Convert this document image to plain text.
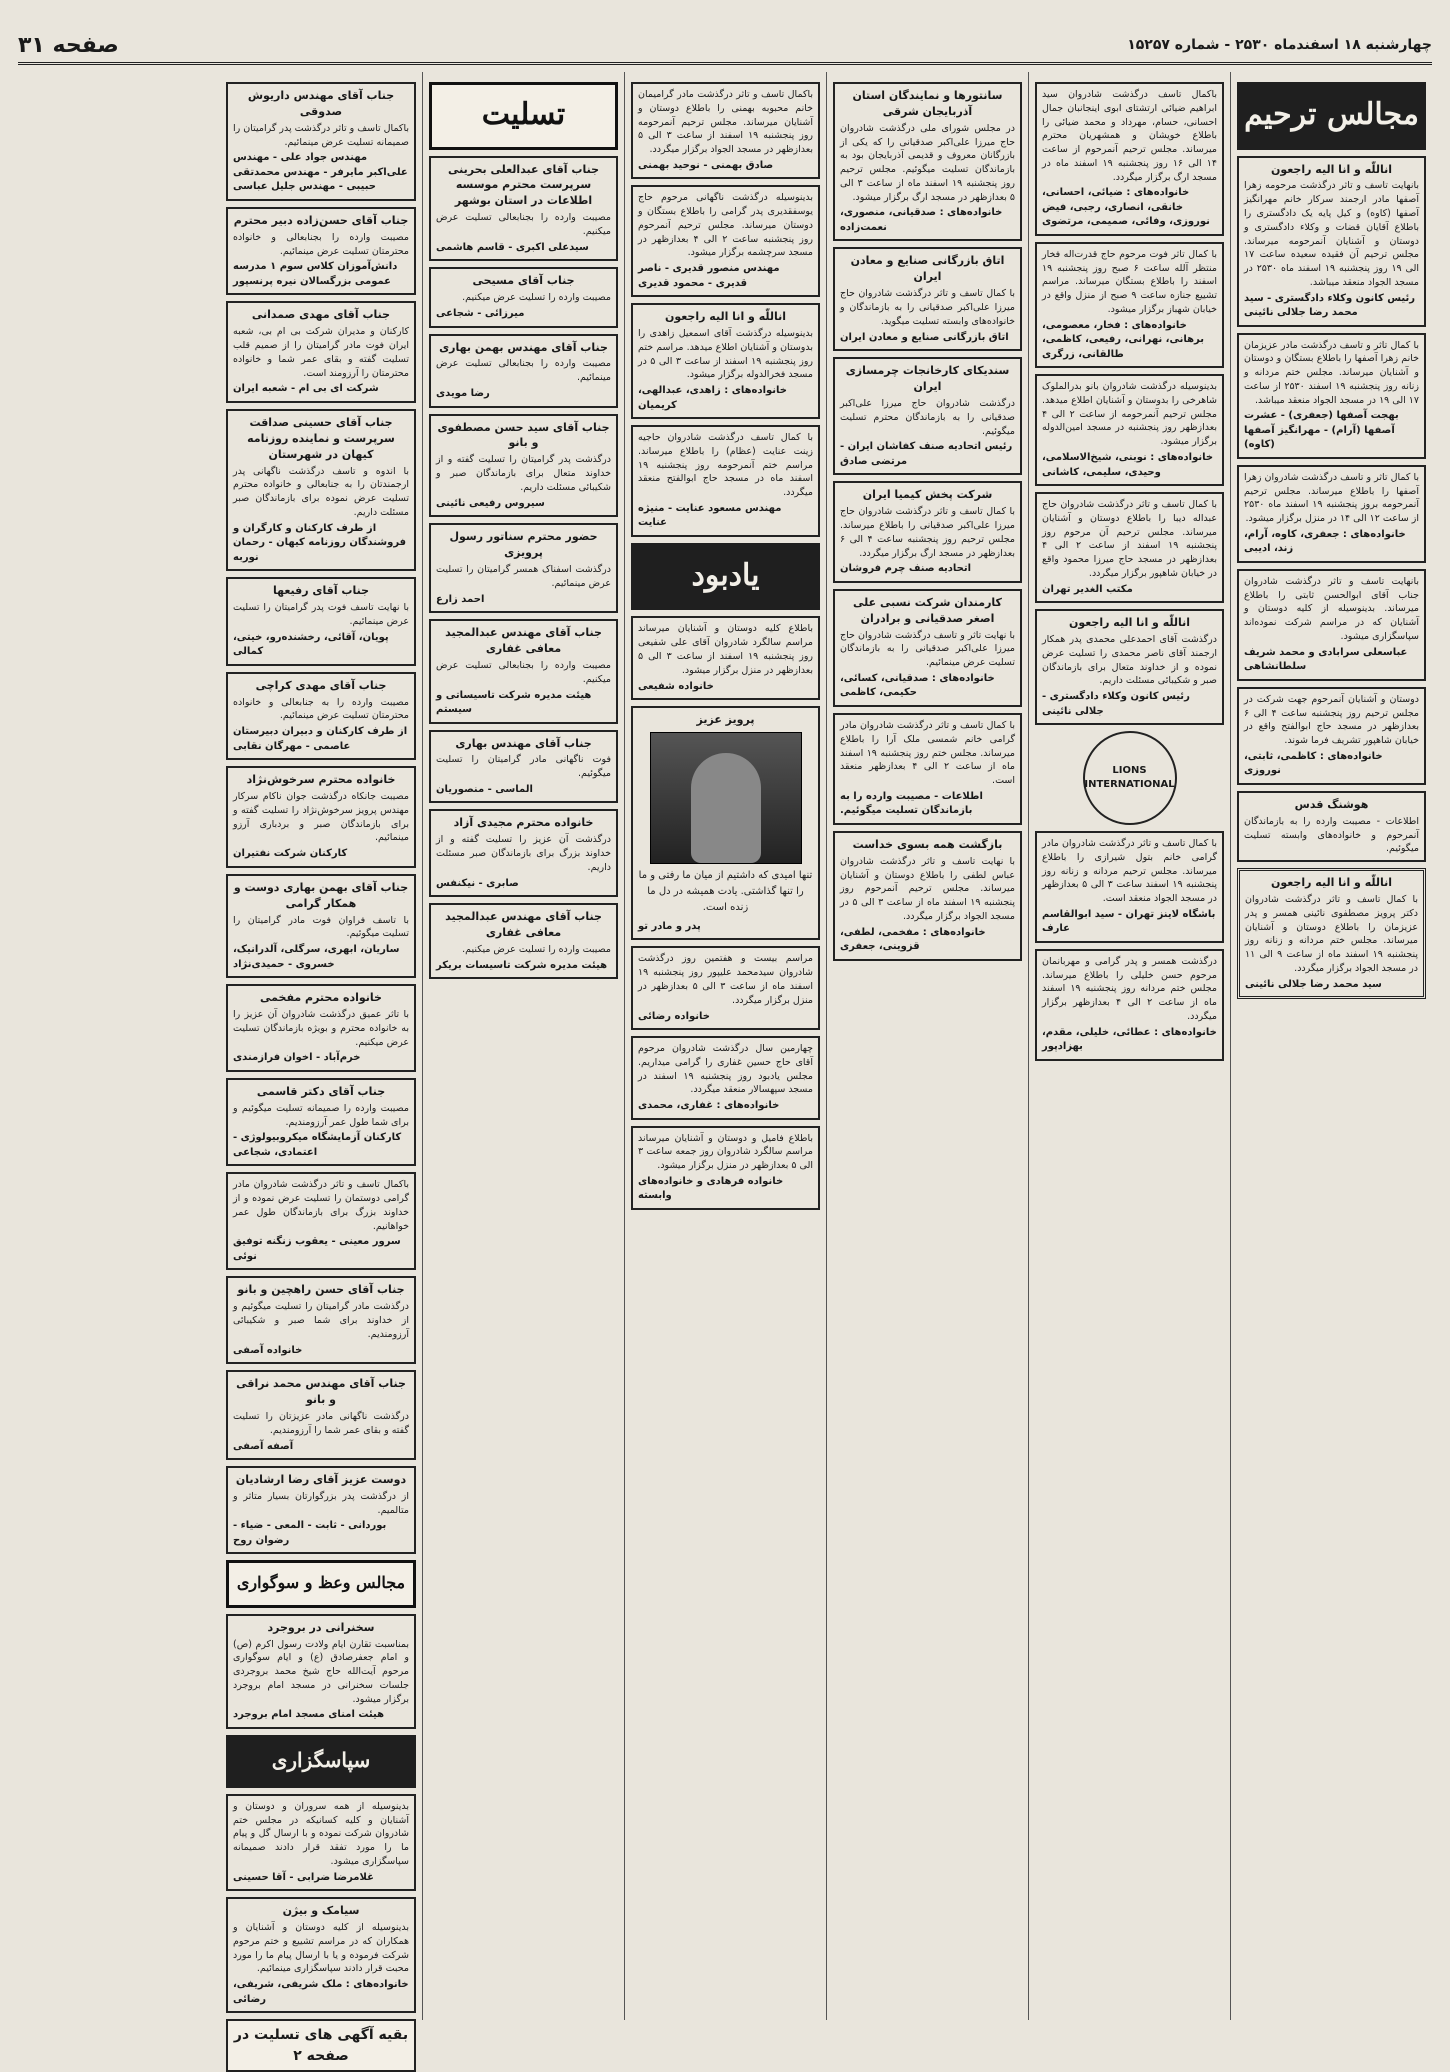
چهارشنبه ۱۸ اسفندماه ۲۵۳۰ - شماره ۱۵۲۵۷
صفحه ۳۱
مجالس ترحیم
اناللّه و انا الیه راجعون

بانهایت تاسف و تاثر درگذشت مرحومه زهرا آصفها مادر ارجمند سرکار خانم مهرانگیز آصفها (کاوه) و کیل پایه یک دادگستری را باطلاع آقایان قضات و وکلاء دادگستری و دوستان و آشنایان آنمرحومه میرساند. مجلس ترحیم آن فقیده سعیده ساعت ۱۷ الی ۱۹ روز پنجشنبه ۱۹ اسفند ماه ۲۵۳۰ در مسجد الجواد منعقد میباشد.

رئیس کانون وکلاء دادگستری - سید محمد رضا جلالی نائینی

با کمال تاثر و تاسف درگذشت مادر عزیزمان خانم زهرا آصفها را باطلاع بستگان و دوستان و آشنایان میرساند. مجلس ختم مردانه و زنانه روز پنجشنبه ۱۹ اسفند ۲۵۳۰ از ساعت ۱۷ الی ۱۹ در مسجد الجواد منعقد میباشد.

بهجت آصفها (جعفری) - عشرت آصفها (آرام) - مهرانگیز آصفها (کاوه)

با کمال تاثر و تاسف درگذشت شادروان زهرا آصفها را باطلاع میرساند. مجلس ترحیم آنمرحومه بروز پنجشنبه ۱۹ اسفند ماه ۲۵۳۰ از ساعت ۱۲ الی ۱۴ در منزل برگزار میشود.

خانواده‌های : جعفری، کاوه، آرام، زند، ادیبی

بانهایت تاسف و تاثر درگذشت شادروان جناب آقای ابوالحسن ثابتی را باطلاع میرساند. بدینوسیله از کلیه دوستان و آشنایان که در مراسم شرکت نموده‌اند سپاسگزاری میشود.

عباسعلی سرابادی و محمد شریف سلطانشاهی

دوستان و آشنایان آنمرحوم جهت شرکت در مجلس ترحیم روز پنجشنبه ساعت ۴ الی ۶ بعدازظهر در مسجد حاج ابوالفتح واقع در خیابان شاهپور تشریف فرما شوند.

خانواده‌های : کاظمی، ثابتی، نوروزی
هوشنگ قدس

اطلاعات - مصیبت وارده را به بازماندگان آنمرحوم و خانواده‌های وابسته تسلیت میگوئیم.

اناللّه و انا الیه راجعون

با کمال تاسف و تاثر درگذشت شادروان دکتر پرویز مصطفوی نائینی همسر و پدر عزیزمان را باطلاع دوستان و آشنایان میرساند. مجلس ختم مردانه و زنانه روز پنجشنبه ۱۹ اسفند ماه از ساعت ۹ الی ۱۱ در مسجد الجواد برگزار میگردد.

سید محمد رضا جلالی نائینی

باکمال تاسف درگذشت شادروان سید ابراهیم ضیائی ارتشتای ابوی اینجانبان جمال احسانی، حسام، مهرداد و محمد ضیائی را باطلاع خویشان و همشهریان محترم میرساند. مجلس ترحیم آنمرحوم از ساعت ۱۴ الی ۱۶ روز پنجشنبه ۱۹ اسفند ماه در مسجد ارگ برگزار میگردد.

خانواده‌های : ضیائی، احسانی، خانقی، انصاری، رجبی، فیض نوروزی، وفائی، صمیمی، مرتضوی

با کمال تاثر فوت مرحوم حاج قدرت‌اله فخار منتظر آلله ساعت ۶ صبح روز پنجشنبه ۱۹ اسفند را باطلاع بستگان میرساند. مراسم تشییع جنازه ساعت ۹ صبح از منزل واقع در خیابان شهباز برگزار میشود.

خانواده‌های : فخار، معصومی، برهانی، نهرانی، رفیعی، کاظمی، طالقانی، زرگری

بدینوسیله درگذشت شادروان بانو بدرالملوک شاهرخی را بدوستان و آشنایان اطلاع میدهد. مجلس ترحیم آنمرحومه از ساعت ۲ الی ۴ بعدازظهر روز پنجشنبه در مسجد امین‌الدوله برگزار میشود.

خانواده‌های : نوبنی، شیخ‌الاسلامی، وحیدی، سلیمی، کاشانی

با کمال تاسف و تاثر درگذشت شادروان حاج عبداله دیبا را باطلاع دوستان و آشنایان میرساند. مجلس ترحیم آن مرحوم روز پنجشنبه ۱۹ اسفند از ساعت ۲ الی ۴ بعدازظهر در مسجد حاج میرزا محمود واقع در خیابان شاهپور برگزار میگردد.

مکتب الغدیر تهران
اناللّه و انا الیه راجعون

درگذشت آقای احمدعلی محمدی پدر همکار ارجمند آقای ناصر محمدی را تسلیت عرض نموده و از خداوند متعال برای بازماندگان صبر و شکیبائی مسئلت داریم.

رئیس کانون وکلاء دادگستری - جلالی نائینی
LIONS INTERNATIONAL

با کمال تاسف و تاثر درگذشت شادروان مادر گرامی خانم بتول شیرازی را باطلاع میرساند. مجلس ترحیم مردانه و زنانه روز پنجشنبه ۱۹ اسفند ساعت ۳ الی ۵ بعدازظهر در مسجد الجواد منعقد است.

باشگاه لاینز تهران - سید ابوالقاسم عارف

درگذشت همسر و پدر گرامی و مهربانمان مرحوم حسن خلیلی را باطلاع میرساند. مجلس ختم مردانه روز پنجشنبه ۱۹ اسفند ماه از ساعت ۲ الی ۴ بعدازظهر برگزار میگردد.

خانواده‌های : عطائی، خلیلی، مقدم، بهزادپور
سانتورها و نمایندگان استان آذربایجان شرقی

در مجلس شورای ملی درگذشت شادروان حاج میرزا علی‌اکبر صدقیانی را که یکی از بازرگانان معروف و قدیمی آذربایجان بود به بازماندگان تسلیت میگوئیم. مجلس ترحیم روز پنجشنبه ۱۹ اسفند ماه از ساعت ۳ الی ۵ بعدازظهر در مسجد ارگ برگزار میشود.

خانواده‌های : صدقیانی، منصوری، نعمت‌زاده
اتاق بازرگانی صنایع و معادن ایران

با کمال تاسف و تاثر درگذشت شادروان حاج میرزا علی‌اکبر صدقیانی را به بازماندگان و خانواده‌های وابسته تسلیت میگوید.

اتاق بازرگانی صنایع و معادن ایران
سندیکای کارخانجات چرمسازی ایران

درگذشت شادروان حاج میرزا علی‌اکبر صدقیانی را به بازماندگان محترم تسلیت میگوئیم.

رئیس اتحادیه صنف کفاشان ایران - مرتضی صادق
شرکت پخش کیمیا ایران

با کمال تاسف و تاثر درگذشت شادروان حاج میرزا علی‌اکبر صدقیانی را باطلاع میرساند. مجلس ترحیم روز پنجشنبه ساعت ۴ الی ۶ بعدازظهر در مسجد ارگ برگزار میگردد.

اتحادیه صنف چرم فروشان
کارمندان شرکت نسبی علی اصغر صدقیانی و برادران

با نهایت تاثر و تاسف درگذشت شادروان حاج میرزا علی‌اکبر صدقیانی را به بازماندگان تسلیت عرض مینمائیم.

خانواده‌های : صدقیانی، کسائی، حکیمی، کاظمی

با کمال تاسف و تاثر درگذشت شادروان مادر گرامی خانم شمسی ملک آرا را باطلاع میرساند. مجلس ختم روز پنجشنبه ۱۹ اسفند ماه از ساعت ۲ الی ۴ بعدازظهر منعقد است.

اطلاعات - مصیبت وارده را به بازماندگان تسلیت میگوئیم.
بازگشت همه بسوی خداست

با نهایت تاسف و تاثر درگذشت شادروان عباس لطفی را باطلاع دوستان و آشنایان میرساند. مجلس ترحیم آنمرحوم روز پنجشنبه ۱۹ اسفند ماه از ساعت ۳ الی ۵ در مسجد الجواد برگزار میگردد.

خانواده‌های : مفخمی، لطفی، قزوینی، جعفری

باکمال تاسف و تاثر درگذشت مادر گرامیمان خانم محبوبه بهمنی را باطلاع دوستان و آشنایان میرساند. مجلس ترحیم آنمرحومه روز پنجشنبه ۱۹ اسفند از ساعت ۳ الی ۵ بعدازظهر در مسجد الجواد برگزار میگردد.

صادق بهمنی - نوحید بهمنی

بدینوسیله درگذشت ناگهانی مرحوم حاج یوسفقدیری پدر گرامی را باطلاع بستگان و دوستان میرساند. مجلس ترحیم آنمرحوم روز پنجشنبه ساعت ۲ الی ۴ بعدازظهر در مسجد سرچشمه برگزار میشود.

مهندس منصور قدیری - ناصر قدیری - محمود قدیری
اناللّه و انا الیه راجعون

بدینوسیله درگذشت آقای اسمعیل زاهدی را بدوستان و آشنایان اطلاع میدهد. مراسم ختم روز پنجشنبه ۱۹ اسفند از ساعت ۳ الی ۵ در مسجد فخرالدوله برگزار میشود.

خانواده‌های : زاهدی، عبدالهی، کریمیان

با کمال تاسف درگذشت شادروان حاجیه زینت عنایت (عظام) را باطلاع میرساند. مراسم ختم آنمرحومه روز پنجشنبه ۱۹ اسفند ماه در مسجد حاج ابوالفتح منعقد میگردد.

مهندس مسعود عنایت - منیژه عنایت
یادبود

باطلاع کلیه دوستان و آشنایان میرساند مراسم سالگرد شادروان آقای علی شفیعی روز پنجشنبه ۱۹ اسفند از ساعت ۳ الی ۵ بعدازظهر در منزل برگزار میشود.

خانواده شفیعی
پرویز عزیز

تنها امیدی که داشتیم از میان ما رفتی و ما را تنها گذاشتی. یادت همیشه در دل ما زنده است.

پدر و مادر تو

مراسم بیست و هفتمین روز درگذشت شادروان سیدمحمد علیپور روز پنجشنبه ۱۹ اسفند ماه از ساعت ۳ الی ۵ بعدازظهر در منزل برگزار میگردد.

خانواده رضائی

چهارمین سال درگذشت شادروان مرحوم آقای حاج حسین غفاری را گرامی میداریم. مجلس یادبود روز پنجشنبه ۱۹ اسفند در مسجد سپهسالار منعقد میگردد.

خانواده‌های : غفاری، محمدی

باطلاع فامیل و دوستان و آشنایان میرساند مراسم سالگرد شادروان روز جمعه ساعت ۳ الی ۵ بعدازظهر در منزل برگزار میشود.

خانواده فرهادی و خانواده‌های وابسته
تسلیت
جناب آقای عبدالعلی بحرینی سرپرست محترم موسسه اطلاعات در استان بوشهر

مصیبت وارده را بجنابعالی تسلیت عرض میکنیم.

سیدعلی اکبری - قاسم هاشمی
جناب آقای مسیحی

مصیبت وارده را تسلیت عرض میکنیم.

میرزائی - شجاعی
جناب آقای مهندس بهمن بهاری

مصیبت وارده را بجنابعالی تسلیت عرض مینمائیم.

رضا مویدی
جناب آقای سید حسن مصطفوی و بانو

درگذشت پدر گرامیتان را تسلیت گفته و از خداوند متعال برای بازماندگان صبر و شکیبائی مسئلت داریم.

سیروس رفیعی نائینی
حضور محترم سناتور رسول پرویزی

درگذشت اسفناک همسر گرامیتان را تسلیت عرض مینمائیم.

احمد زارع
جناب آقای مهندس عبدالمجید معافی غفاری

مصیبت وارده را بجنابعالی تسلیت عرض میکنیم.

هیئت مدیره شرکت تاسیساتی و سیستم
جناب آقای مهندس بهاری

فوت ناگهانی مادر گرامیتان را تسلیت میگوئیم.

الماسی - منصوریان
خانواده محترم مجیدی آزاد

درگذشت آن عزیز را تسلیت گفته و از خداوند بزرگ برای بازماندگان صبر مسئلت داریم.

صابری - نیکنفس
جناب آقای مهندس عبدالمجید معافی غفاری

مصیبت وارده را تسلیت عرض میکنیم.

هیئت مدیره شرکت تاسیسات بریکر
جناب آقای مهندس داریوش صدوقی

باکمال تاسف و تاثر درگذشت پدر گرامیتان را صمیمانه تسلیت عرض مینمائیم.

مهندس جواد علی - مهندس علی‌اکبر مایرفر - مهندس محمدتقی حبیبی - مهندس جلیل عباسی
جناب آقای حسن‌زاده دبیر محترم

مصیبت وارده را بجنابعالی و خانواده محترمتان تسلیت عرض مینمائیم.

دانش‌آموزان کلاس سوم ۱ مدرسه عمومی بزرگسالان نیره پرنسپور
جناب آقای مهدی صمدانی

کارکنان و مدیران شرکت بی ام بی، شعبه ایران فوت مادر گرامیتان را از صمیم قلب تسلیت گفته و بقای عمر شما و خانواده محترمتان را آرزومند است.

شرکت ای بی ام - شعبه ایران
جناب آقای حسینی صداقت سرپرست و نماینده روزنامه کیهان در شهرستان

با اندوه و تاسف درگذشت ناگهانی پدر ارجمندتان را به جنابعالی و خانواده محترم تسلیت عرض نموده برای بازماندگان صبر مسئلت داریم.

از طرف کارکنان و کارگران و فروشندگان روزنامه کیهان - رحمان نوربه
جناب آقای رفیعها

با نهایت تاسف فوت پدر گرامیتان را تسلیت عرض مینمائیم.

پویان، آقائی، رخشنده‌رو، خیتی، کمالی
جناب آقای مهدی کراچی

مصیبت وارده را به جنابعالی و خانواده محترمتان تسلیت عرض مینمائیم.

از طرف کارکنان و دبیران دبیرستان عاصمی - مهرگان نقابی
خانواده محترم سرخوش‌نژاد

مصیبت جانکاه درگذشت جوان ناکام سرکار مهندس پرویز سرخوش‌نژاد را تسلیت گفته و برای بازماندگان صبر و بردباری آرزو مینمائیم.

کارکنان شرکت نفتیران
جناب آقای بهمن بهاری دوست و همکار گرامی

با تاسف فراوان فوت مادر گرامیتان را تسلیت میگوئیم.

ساریان، ابهری، سرگلی، آلدرانیک، خسروی - حمیدی‌نژاد
خانواده محترم مفخمی

با تاثر عمیق درگذشت شادروان آن عزیز را به خانواده محترم و بویژه بازماندگان تسلیت عرض میکنیم.

خرم‌آباد - اخوان فرازمندی
جناب آقای دکتر قاسمی

مصیبت وارده را صمیمانه تسلیت میگوئیم و برای شما طول عمر آرزومندیم.

کارکنان آزمایشگاه میکروبیولوژی - اعتمادی، شجاعی

باکمال تاسف و تاثر درگذشت شادروان مادر گرامی دوستمان را تسلیت عرض نموده و از خداوند بزرگ برای بازماندگان طول عمر خواهانیم.

سرور معینی - یعقوب زنگنه توفیق نوئی
جناب آقای حسن راهچین و بانو

درگذشت مادر گرامیتان را تسلیت میگوئیم و از خداوند برای شما صبر و شکیبائی آرزومندیم.

خانواده آصفی
جناب آقای مهندس محمد نراقی و بانو

درگذشت ناگهانی مادر عزیزتان را تسلیت گفته و بقای عمر شما را آرزومندیم.

آصفه آصفی
دوست عزیز آقای رضا ارشادیان

از درگذشت پدر بزرگوارتان بسیار متاثر و متالمیم.

بوردانی - ثابت - المعی - ضیاء - رضوان روح
مجالس وعظ و سوگواری
سخنرانی در بروجرد

بمناسبت تقارن ایام ولادت رسول اکرم (ص) و امام جعفرصادق (ع) و ایام سوگواری مرحوم آیت‌الله حاج شیخ محمد بروجردی جلسات سخنرانی در مسجد امام بروجرد برگزار میشود.

هیئت امنای مسجد امام بروجرد
سپاسگزاری

بدینوسیله از همه سروران و دوستان و آشنایان و کلیه کسانیکه در مجلس ختم شادروان شرکت نموده و با ارسال گل و پیام ما را مورد تفقد قرار دادند صمیمانه سپاسگزاری میشود.

غلامرضا ضرابی - آقا حسینی
سیامک و بیژن

بدینوسیله از کلیه دوستان و آشنایان و همکاران که در مراسم تشییع و ختم مرحوم شرکت فرموده و یا با ارسال پیام ما را مورد محبت قرار دادند سپاسگزاری مینمائیم.

خانواده‌های : ملک شریفی، شریفی، رضائی
بقیه آگهی های تسلیت در صفحه ۲
